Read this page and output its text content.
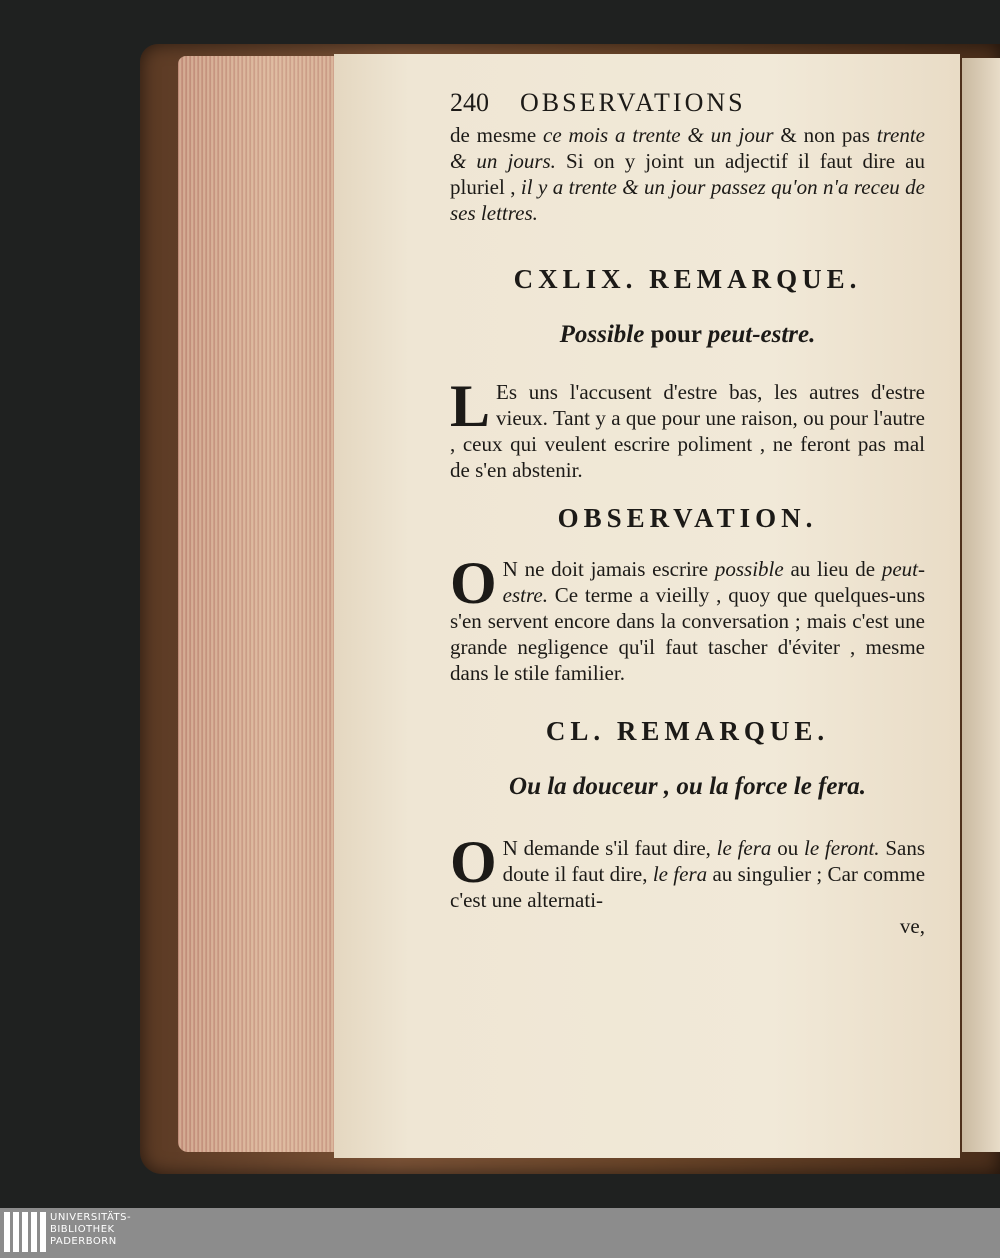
240	OBSERVATIONS

de mesme ce mois a trente & un jour & non pas trente & un jours. Si on y joint un adjectif il faut dire au pluriel , il y a trente & un jour passez qu'on n'a receu de ses lettres.

CXLIX. REMARQUE.
Possible pour peut-estre.

L Es uns l'accusent d'estre bas, les autres d'estre vieux. Tant y a que pour une raison, ou pour l'autre , ceux qui veulent escrire poliment , ne feront pas mal de s'en abstenir.

OBSERVATION.

O N ne doit jamais escrire possible au lieu de peut-estre. Ce terme a vieilly , quoy que quelques-uns s'en servent encore dans la conversation ; mais c'est une grande negligence qu'il faut tascher d'éviter , mesme dans le stile familier.

CL. REMARQUE.
Ou la douceur , ou la force le fera.

O N demande s'il faut dire, le fera ou le feront. Sans doute il faut dire, le fera au singulier ; Car comme c'est une alternati-

ve,

UNIVERSITÄTS-
BIBLIOTHEK
PADERBORN
